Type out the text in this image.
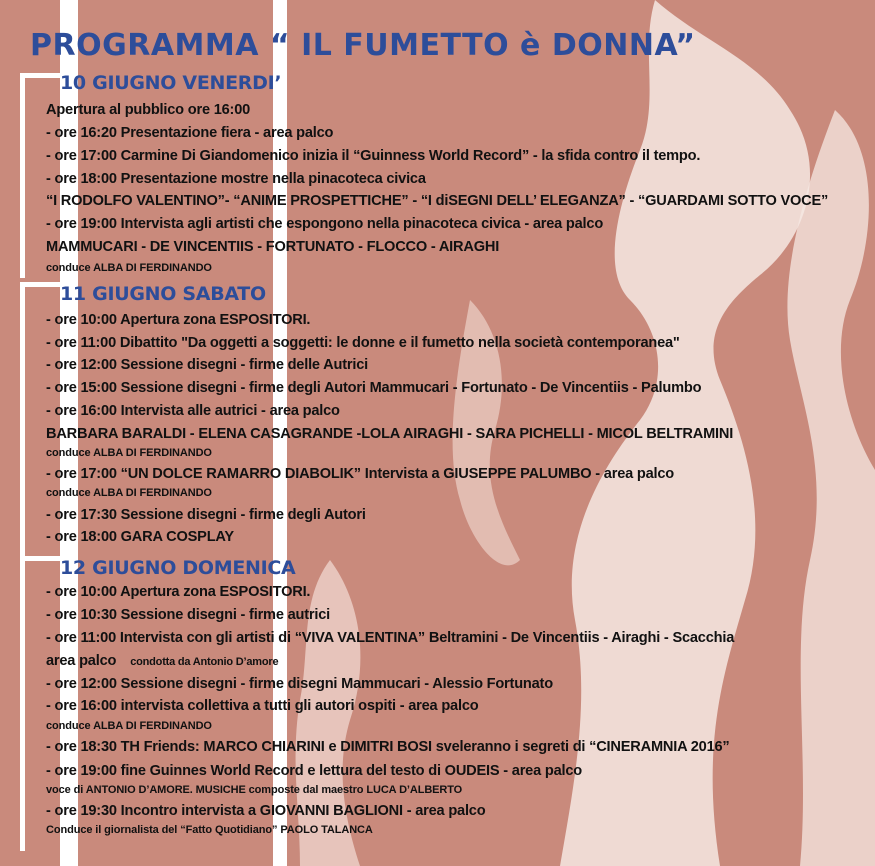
PROGRAMMA “ IL FUMETTO è DONNA”
10 GIUGNO VENERDI’
Apertura al pubblico ore 16:00
- ore 16:20 Presentazione fiera - area palco
- ore 17:00 Carmine Di Giandomenico inizia il “Guinness World Record” - la sfida contro il tempo.
- ore 18:00 Presentazione mostre nella pinacoteca civica
“I RODOLFO VALENTINO”- “ANIME PROSPETTICHE” - “I diSEGNI DELL’ ELEGANZA” - “GUARDAMI SOTTO VOCE”
- ore 19:00 Intervista agli artisti che espongono nella pinacoteca civica - area palco
MAMMUCARI - DE VINCENTIIS - FORTUNATO - FLOCCO - AIRAGHI
conduce ALBA DI FERDINANDO
11 GIUGNO SABATO
- ore 10:00 Apertura zona ESPOSITORI.
- ore 11:00 Dibattito "Da oggetti a soggetti: le donne e il fumetto nella società contemporanea"
- ore 12:00 Sessione disegni - firme delle Autrici
- ore 15:00 Sessione disegni - firme degli Autori Mammucari - Fortunato - De Vincentiis - Palumbo
- ore 16:00 Intervista alle autrici - area palco
BARBARA BARALDI - ELENA CASAGRANDE -LOLA AIRAGHI - SARA PICHELLI - MICOL BELTRAMINI
conduce ALBA DI FERDINANDO
- ore 17:00 “UN DOLCE RAMARRO DIABOLIK” Intervista a GIUSEPPE PALUMBO - area palco
conduce ALBA DI FERDINANDO
- ore 17:30 Sessione disegni - firme degli Autori
- ore 18:00 GARA COSPLAY
12 GIUGNO DOMENICA
- ore 10:00 Apertura zona ESPOSITORI.
- ore 10:30 Sessione disegni - firme autrici
- ore 11:00 Intervista con gli artisti di “VIVA VALENTINA” Beltramini - De Vincentiis - Airaghi - Scacchia
area palco condotta da Antonio D’amore
- ore 12:00 Sessione disegni - firme disegni Mammucari - Alessio Fortunato
- ore 16:00 intervista collettiva a tutti gli autori ospiti - area palco
conduce ALBA DI FERDINANDO
- ore 18:30 TH Friends: MARCO CHIARINI e DIMITRI BOSI sveleranno i segreti di “CINERAMNIA 2016”
- ore 19:00 fine Guinnes World Record e lettura del testo di OUDEIS - area palco
voce di ANTONIO D’AMORE. MUSICHE composte dal maestro LUCA D’ALBERTO
- ore 19:30 Incontro intervista a GIOVANNI BAGLIONI - area palco
Conduce il giornalista del “Fatto Quotidiano” PAOLO TALANCA
